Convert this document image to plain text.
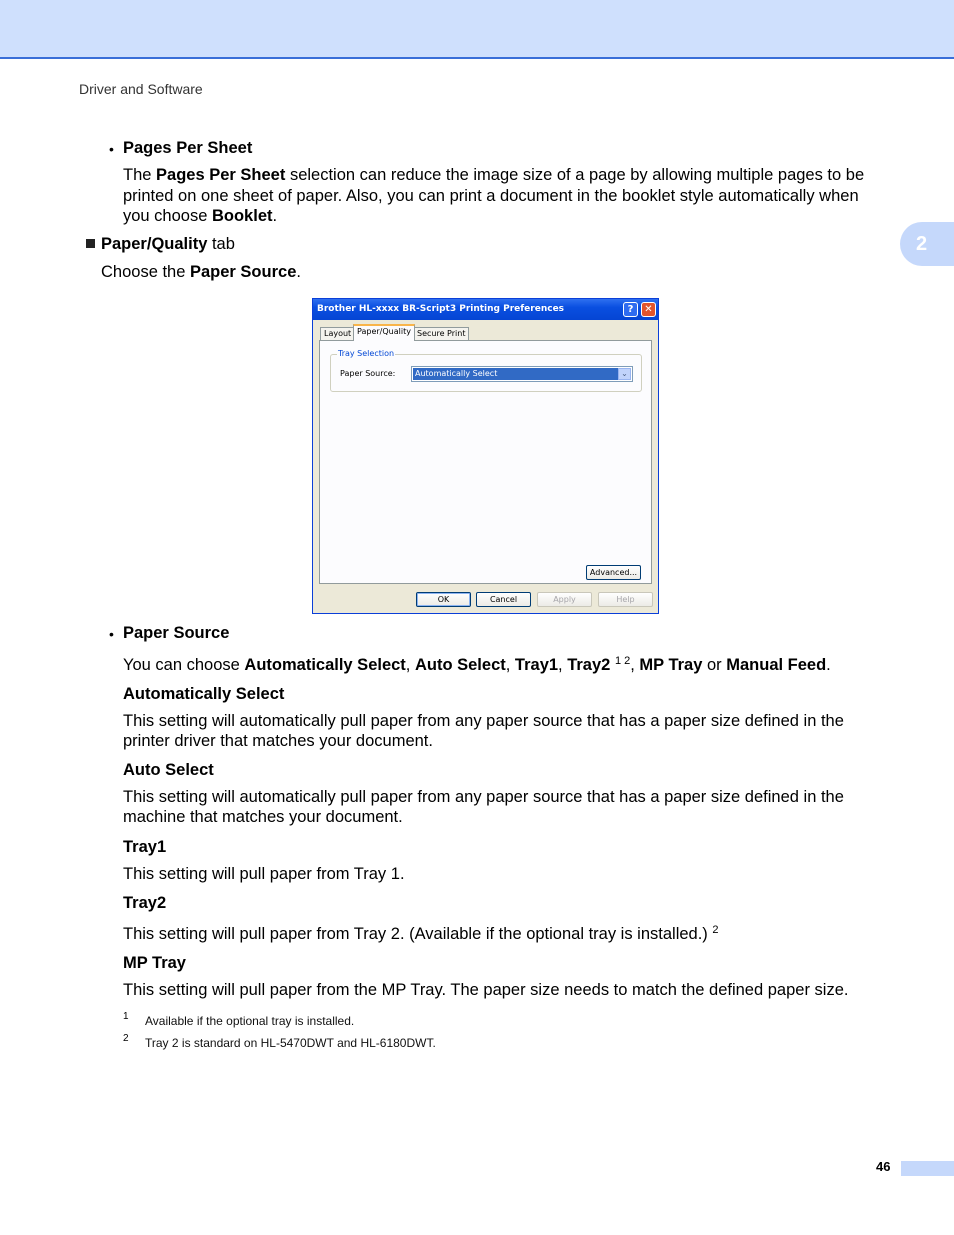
Driver and Software
2
• Pages Per Sheet
The Pages Per Sheet selection can reduce the image size of a page by allowing multiple pages to be
printed on one sheet of paper. Also, you can print a document in the booklet style automatically when
you choose Booklet.
Paper/Quality tab
Choose the Paper Source.
Brother HL-xxxx BR-Script3 Printing Preferences	?	✕
Layout Paper/Quality Secure Print
Tray Selection
Paper Source: Automatically Select	⌄
Advanced...
OK	Cancel	Apply	Help
• Paper Source
You can choose Automatically Select, Auto Select, Tray1, Tray2 $^{1 2}$, MP Tray or Manual Feed.
Automatically Select
This setting will automatically pull paper from any paper source that has a paper size defined in the
printer driver that matches your document.
Auto Select
This setting will automatically pull paper from any paper source that has a paper size defined in the
machine that matches your document.
Tray1
This setting will pull paper from Tray 1.
Tray2
This setting will pull paper from Tray 2. (Available if the optional tray is installed.) $^2$
MP Tray
This setting will pull paper from the MP Tray. The paper size needs to match the defined paper size.
1 Available if the optional tray is installed.
2 Tray 2 is standard on HL-5470DWT and HL-6180DWT.
46
